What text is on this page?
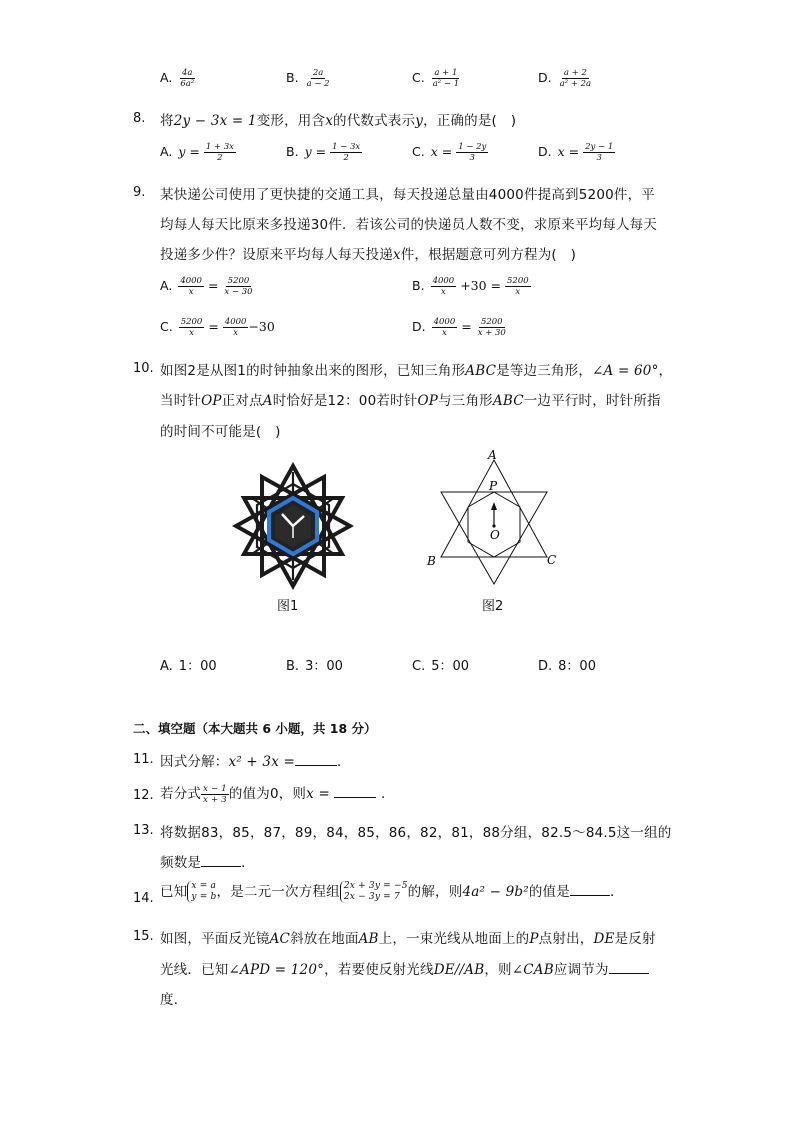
A. $\frac{4a}{\text{6a²}}$	B. $\frac{2a}{a - 2}$	C. $\frac{a + 1}{\text{a² − 1}}$	D. $\frac{a + 2}{\text{a² + 2a}}$
8. 将2y − 3x = 1变形，用含x的代数式表示y，正确的是(　)
A. $y = \frac{1 + 3x}{2}$	B. $y = \frac{1 - 3x}{2}$	C. $x = \frac{1 - 2y}{3}$	D. $x = \frac{2y - 1}{3}$
9. 某快递公司使用了更快捷的交通工具，每天投递总量由4000件提高到5200件，平
均每人每天比原来多投递30件．若该公司的快递员人数不变，求原来平均每人每天
投递多少件？设原来平均每人每天投递x件，根据题意可列方程为(　)
A. $\frac{4000}{x} = \frac{5200}{x - 30}$	B. $\frac{4000}{x} +30 = \frac{5200}{x}$
C. $\frac{5200}{x} = \frac{4000}{x} -30$	D. $\frac{4000}{x} = \frac{5200}{x + 30}$
10. 如图2是从图1的时钟抽象出来的图形，已知三角形ABC是等边三角形，∠A = 60°，
当时针OP正对点A时恰好是12：00若时针OP与三角形ABC一边平行时，时针所指
的时间不可能是(　)
图1
A
B	C
P
O
图2
A. 1：00	B. 3：00	C. 5：00	D. 8：00
二、填空题（本大题共 6 小题，共 18 分）
11. 因式分解：x² + 3x =	．
12. 若分式 $\frac{x - 1}{x + 3}$ 的值为0，则x =	．
13. 将数据83，85，87，89，84，85，86，82，81，88分组，82.5～84.5这一组的
频数是	．
14. 已知 x = a
y = b，是二元一次方程组 2x + 3y = −5
2x − 3y = 7 的解，则4a² − 9b²的值是	．
15. 如图，平面反光镜AC斜放在地面AB上，一束光线从地面上的P点射出，DE是反射
光线．已知∠APD = 120°，若要使反射光线DE//AB，则∠CAB应调节为
度．
